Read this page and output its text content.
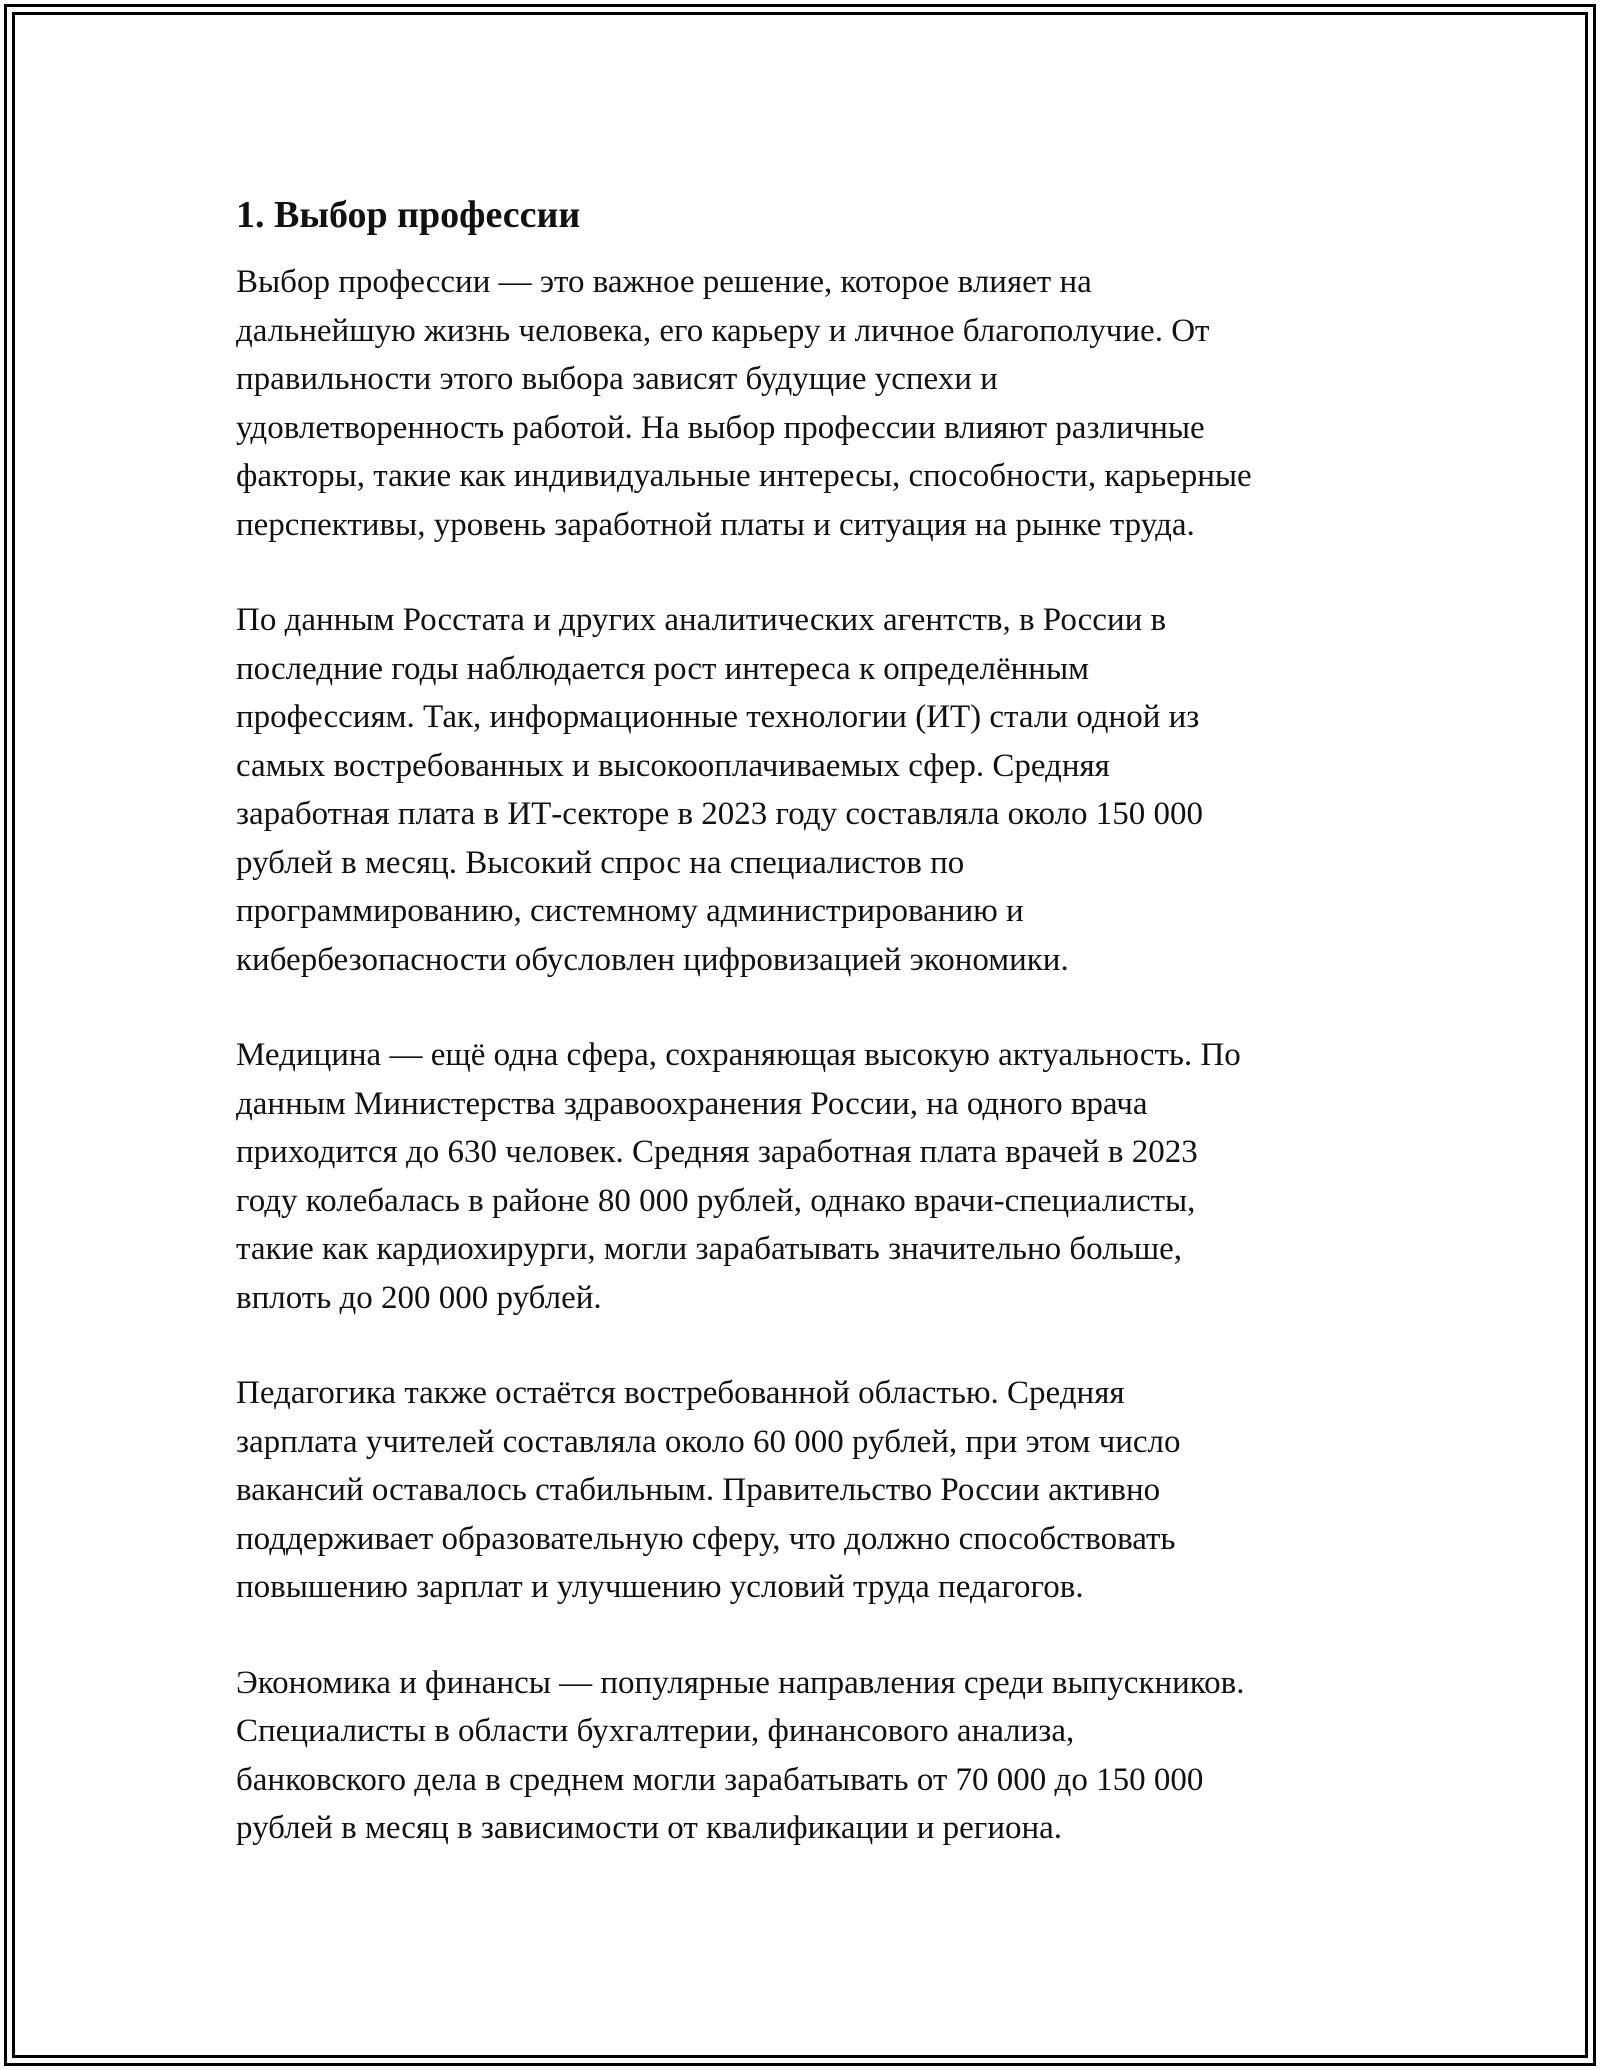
1. Выбор профессии
Выбор профессии — это важное решение, которое влияет на
дальнейшую жизнь человека, его карьеру и личное благополучие. От
правильности этого выбора зависят будущие успехи и
удовлетворенность работой. На выбор профессии влияют различные
факторы, такие как индивидуальные интересы, способности, карьерные
перспективы, уровень заработной платы и ситуация на рынке труда.
По данным Росстата и других аналитических агентств, в России в
последние годы наблюдается рост интереса к определённым
профессиям. Так, информационные технологии (ИТ) стали одной из
самых востребованных и высокооплачиваемых сфер. Средняя
заработная плата в ИТ-секторе в 2023 году составляла около 150 000
рублей в месяц. Высокий спрос на специалистов по
программированию, системному администрированию и
кибербезопасности обусловлен цифровизацией экономики.
Медицина — ещё одна сфера, сохраняющая высокую актуальность. По
данным Министерства здравоохранения России, на одного врача
приходится до 630 человек. Средняя заработная плата врачей в 2023
году колебалась в районе 80 000 рублей, однако врачи-специалисты,
такие как кардиохирурги, могли зарабатывать значительно больше,
вплоть до 200 000 рублей.
Педагогика также остаётся востребованной областью. Средняя
зарплата учителей составляла около 60 000 рублей, при этом число
вакансий оставалось стабильным. Правительство России активно
поддерживает образовательную сферу, что должно способствовать
повышению зарплат и улучшению условий труда педагогов.
Экономика и финансы — популярные направления среди выпускников.
Специалисты в области бухгалтерии, финансового анализа,
банковского дела в среднем могли зарабатывать от 70 000 до 150 000
рублей в месяц в зависимости от квалификации и региона.
